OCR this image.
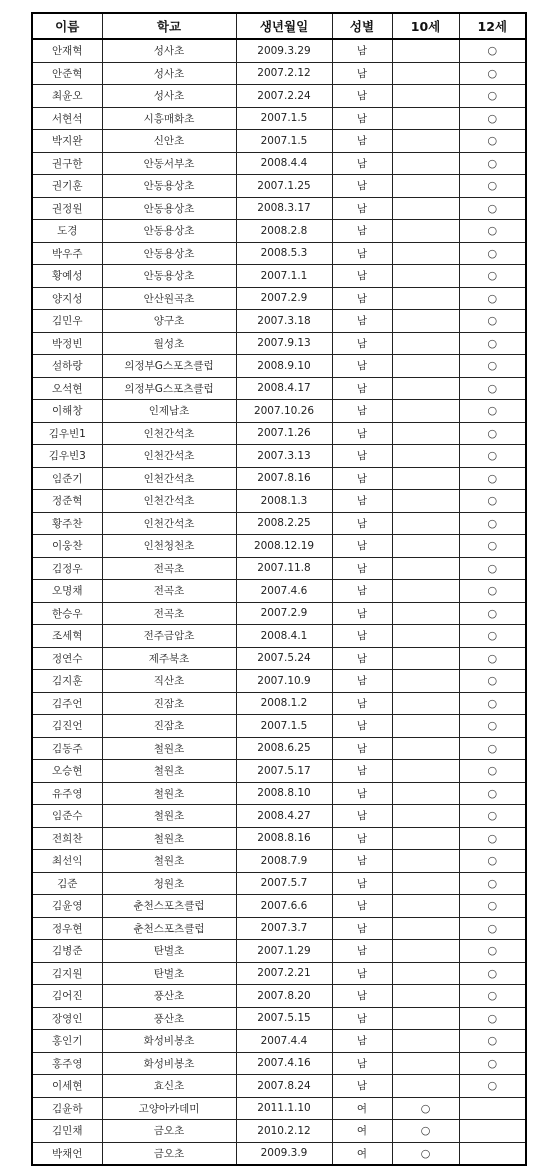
이름	학교	생년월일	성별	10세	12세
안재혁	성사초	2009.3.29	남		○
안준혁	성사초	2007.2.12	남		○
최윤오	성사초	2007.2.24	남		○
서현석	시흥매화초	2007.1.5	남		○
박지완	신안초	2007.1.5	남		○
권구한	안동서부초	2008.4.4	남		○
권기훈	안동용상초	2007.1.25	남		○
권정원	안동용상초	2008.3.17	남		○
도경	안동용상초	2008.2.8	남		○
박우주	안동용상초	2008.5.3	남		○
황예성	안동용상초	2007.1.1	남		○
양지성	안산원곡초	2007.2.9	남		○
김민우	양구초	2007.3.18	남		○
박정빈	월성초	2007.9.13	남		○
설하랑	의정부G스포츠클럽	2008.9.10	남		○
오석현	의정부G스포츠클럽	2008.4.17	남		○
이해창	인제남초	2007.10.26	남		○
김우빈1	인천간석초	2007.1.26	남		○
김우빈3	인천간석초	2007.3.13	남		○
임준기	인천간석초	2007.8.16	남		○
정준혁	인천간석초	2008.1.3	남		○
황주찬	인천간석초	2008.2.25	남		○
이웅찬	인천청천초	2008.12.19	남		○
김정우	전곡초	2007.11.8	남		○
오명채	전곡초	2007.4.6	남		○
한승우	전곡초	2007.2.9	남		○
조세혁	전주금암초	2008.4.1	남		○
정연수	제주북초	2007.5.24	남		○
김지훈	직산초	2007.10.9	남		○
김주언	진잠초	2008.1.2	남		○
김진언	진잠초	2007.1.5	남		○
김동주	철원초	2008.6.25	남		○
오승현	철원초	2007.5.17	남		○
유주영	철원초	2008.8.10	남		○
임준수	철원초	2008.4.27	남		○
전희찬	철원초	2008.8.16	남		○
최선익	철원초	2008.7.9	남		○
김준	청원초	2007.5.7	남		○
김윤영	춘천스포츠클럽	2007.6.6	남		○
정우현	춘천스포츠클럽	2007.3.7	남		○
김병준	탄벌초	2007.1.29	남		○
김지원	탄벌초	2007.2.21	남		○
김어진	풍산초	2007.8.20	남		○
장영인	풍산초	2007.5.15	남		○
홍인기	화성비봉초	2007.4.4	남		○
홍주영	화성비봉초	2007.4.16	남		○
이세현	효신초	2007.8.24	남		○
김윤하	고양아카데미	2011.1.10	여	○	
김민채	금오초	2010.2.12	여	○	
박채언	금오초	2009.3.9	여	○	
